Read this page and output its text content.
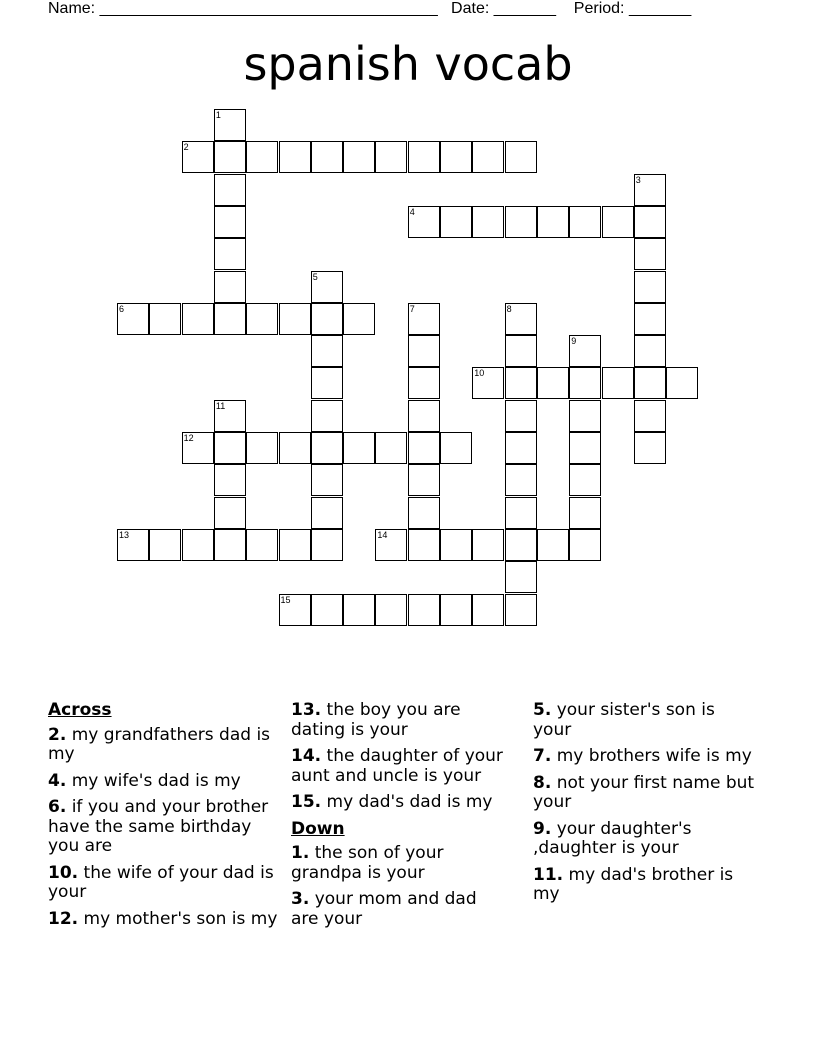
Name: ______________________________________   Date: _______    Period: _______
spanish vocab
1
2
3
4
5
6	7	8
9
10
11
12
13	14
15
Across
2. my grandfathers dad is my
4. my wife's dad is my
6. if you and your brother have the same birthday you are
10. the wife of your dad is your
12. my mother's son is my
13. the boy you are dating is your
14. the daughter of your aunt and uncle is your
15. my dad's dad is my
Down
1. the son of your grandpa is your
3. your mom and dad are your
5. your sister's son is your
7. my brothers wife is my
8. not your first name but your
9. your daughter's ,daughter is your
11. my dad's brother is my
